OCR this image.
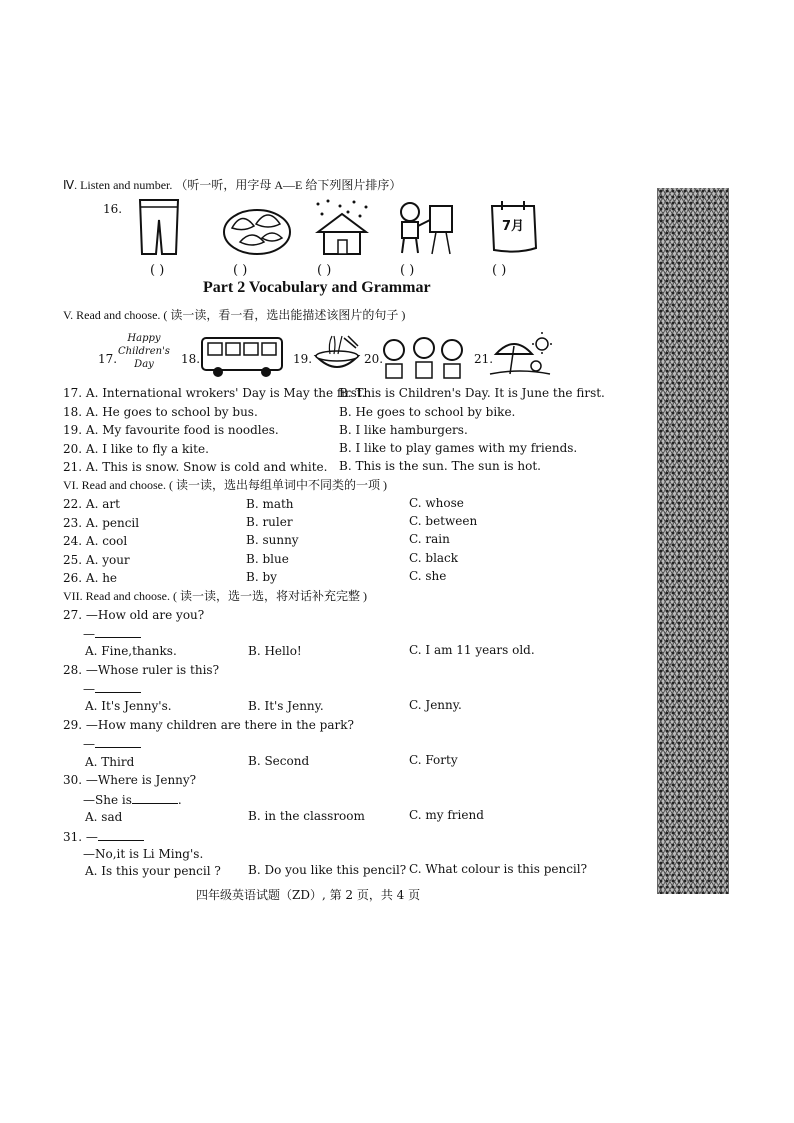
Ⅳ. Listen and number. （听一听，用字母 A—E 给下列图片排序）
16.
7月
( )	( )	( )	( )	( )
Part 2 Vocabulary and Grammar
V. Read and choose. ( 读一读，看一看，选出能描述该图片的句子 )
17.
Happy
Children's
Day	18.	19.	20.	21.
17. A. International wrokers' Day is May the first.
B. This is Children's Day. It is June the first.
18. A. He goes to school by bus.	B. He goes to school by bike.
19. A. My favourite food is noodles.	B. I like hamburgers.
20. A. I like to fly a kite.	B. I like to play games with my friends.
21. A. This is snow. Snow is cold and white. B. This is the sun. The sun is hot.
VI. Read and choose. ( 读一读，选出每组单词中不同类的一项 )
22. A. art	B. math	C. whose
23. A. pencil	B. ruler	C. between
24. A. cool	B. sunny	C. rain
25. A. your	B. blue	C. black
26. A. he	B. by	C. she
VII. Read and choose. ( 读一读，选一选，将对话补充完整 )
27. —How old are you?
—
A. Fine,thanks.	B. Hello!	C. I am 11 years old.
28. —Whose ruler is this?
—
A. It's Jenny's.	B. It's Jenny.	C. Jenny.
29. —How many children are there in the park?
—
A. Third	B. Second	C. Forty
30. —Where is Jenny?
—She is	.
A. sad	B. in the classroom	C. my friend
31. —
—No,it is Li Ming's.
A. Is this your pencil ? B. Do you like this pencil? C. What colour is this pencil?
四年级英语试题（ZD）, 第 2 页，共 4 页
